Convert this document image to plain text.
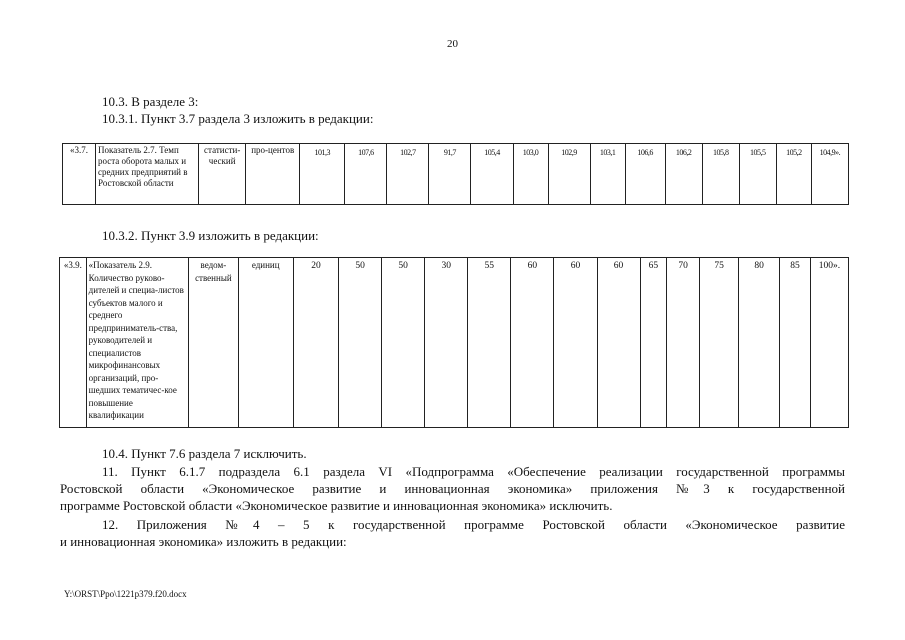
20
10.3. В разделе 3:
10.3.1. Пункт 3.7 раздела 3 изложить в редакции:
«3.7.	Показатель 2.7. Темп роста оборота малых и средних предприятий в Ростовской области	статисти-ческий	про-центов	101,3	107,6	102,7	91,7	105,4	103,0	102,9	103,1	106,6	106,2	105,8	105,5	105,2	104,9».
10.3.2. Пункт 3.9 изложить в редакции:
«3.9.	«Показатель 2.9. Количество руково-дителей и специа-листов субъектов малого и среднего предприниматель-ства, руководителей и специалистов микрофинансовых организаций, про-шедших тематичес-кое повышение квалификации	ведом-ственный	единиц	20	50	50	30	55	60	60	60	65	70	75	80	85	100».
10.4. Пункт 7.6 раздела 7 исключить.
11. Пункт 6.1.7 подраздела 6.1 раздела VI «Подпрограмма «Обеспечение реализации государственной программы
Ростовской области «Экономическое развитие и инновационная экономика» приложения №3 к государственной
программе Ростовской области «Экономическое развитие и инновационная экономика» исключить.
12. Приложения №4 – 5 к государственной программе Ростовской области «Экономическое развитие
и инновационная экономика» изложить в редакции:
Y:\ORST\Ppo\1221p379.f20.docx
